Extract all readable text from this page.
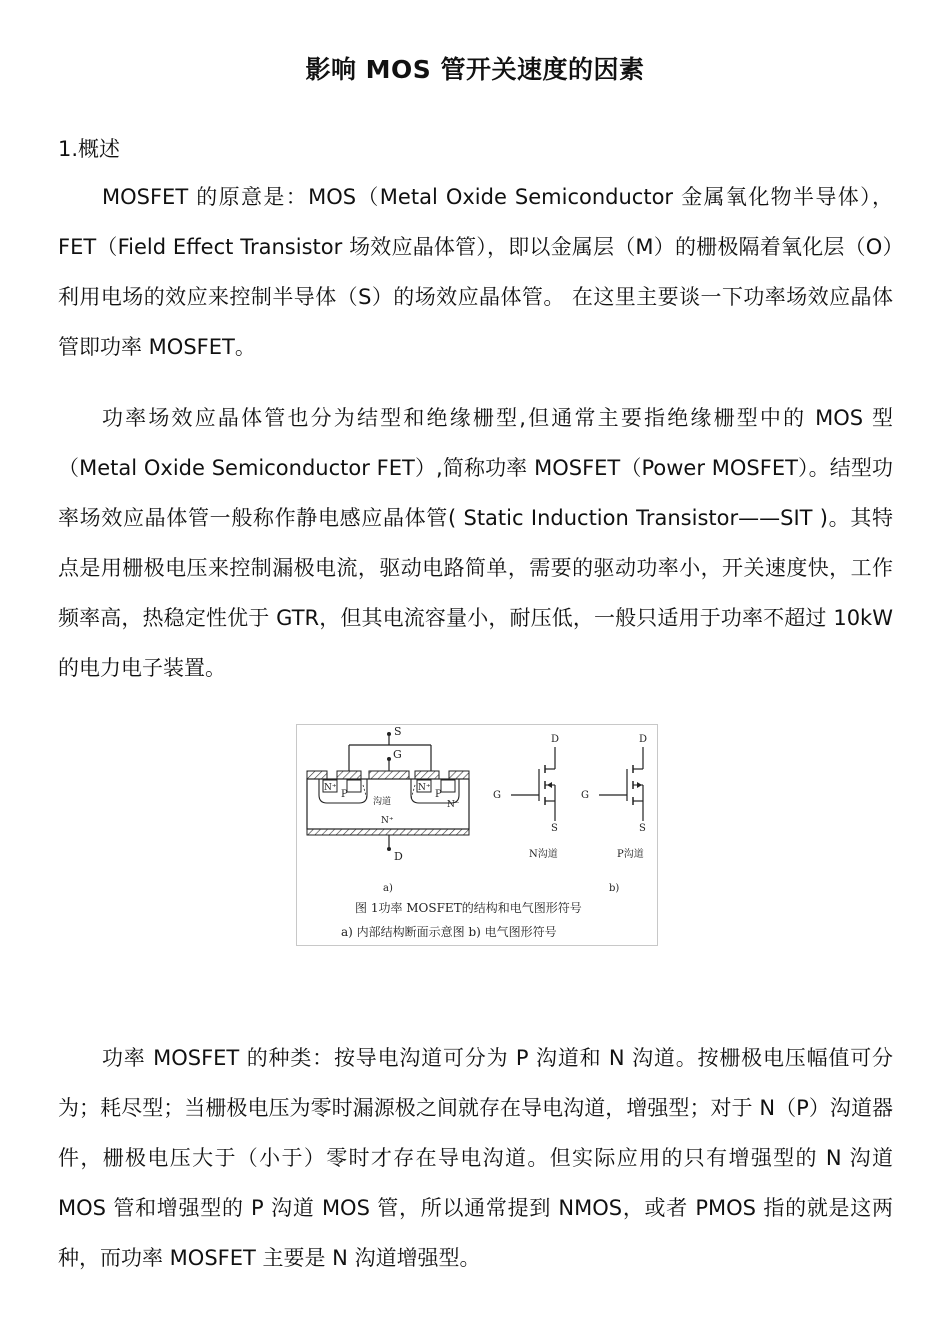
影响 MOS 管开关速度的因素
1.概述

MOSFET 的原意是：MOS（Metal Oxide Semiconductor 金属氧化物半导体），FET（Field Effect Transistor 场效应晶体管），即以金属层（M）的栅极隔着氧化层（O）利用电场的效应来控制半导体（S）的场效应晶体管。 在这里主要谈一下功率场效应晶体管即功率 MOSFET。

功率场效应晶体管也分为结型和绝缘栅型,但通常主要指绝缘栅型中的 MOS 型（Metal Oxide Semiconductor FET）,简称功率 MOSFET（Power MOSFET）。结型功率场效应晶体管一般称作静电感应晶体管( Static Induction Transistor——SIT )。其特点是用栅极电压来控制漏极电流，驱动电路简单，需要的驱动功率小，开关速度快，工作频率高，热稳定性优于 GTR，但其电流容量小，耐压低，一般只适用于功率不超过 10kW 的电力电子装置。

S
G
N⁺
P
N⁺
P
沟道	N⁻
N⁺
D
D
G
S
N沟道
D
G
S
P沟道
a)	b)
图 1功率 MOSFET的结构和电气图形符号
a) 内部结构断面示意图 b) 电气图形符号

功率 MOSFET 的种类：按导电沟道可分为 P 沟道和 N 沟道。按栅极电压幅值可分为；耗尽型；当栅极电压为零时漏源极之间就存在导电沟道，增强型；对于 N（P）沟道器件，栅极电压大于（小于）零时才存在导电沟道。但实际应用的只有增强型的 N 沟道 MOS 管和增强型的 P 沟道 MOS 管，所以通常提到 NMOS，或者 PMOS 指的就是这两种，而功率 MOSFET 主要是 N 沟道增强型。
